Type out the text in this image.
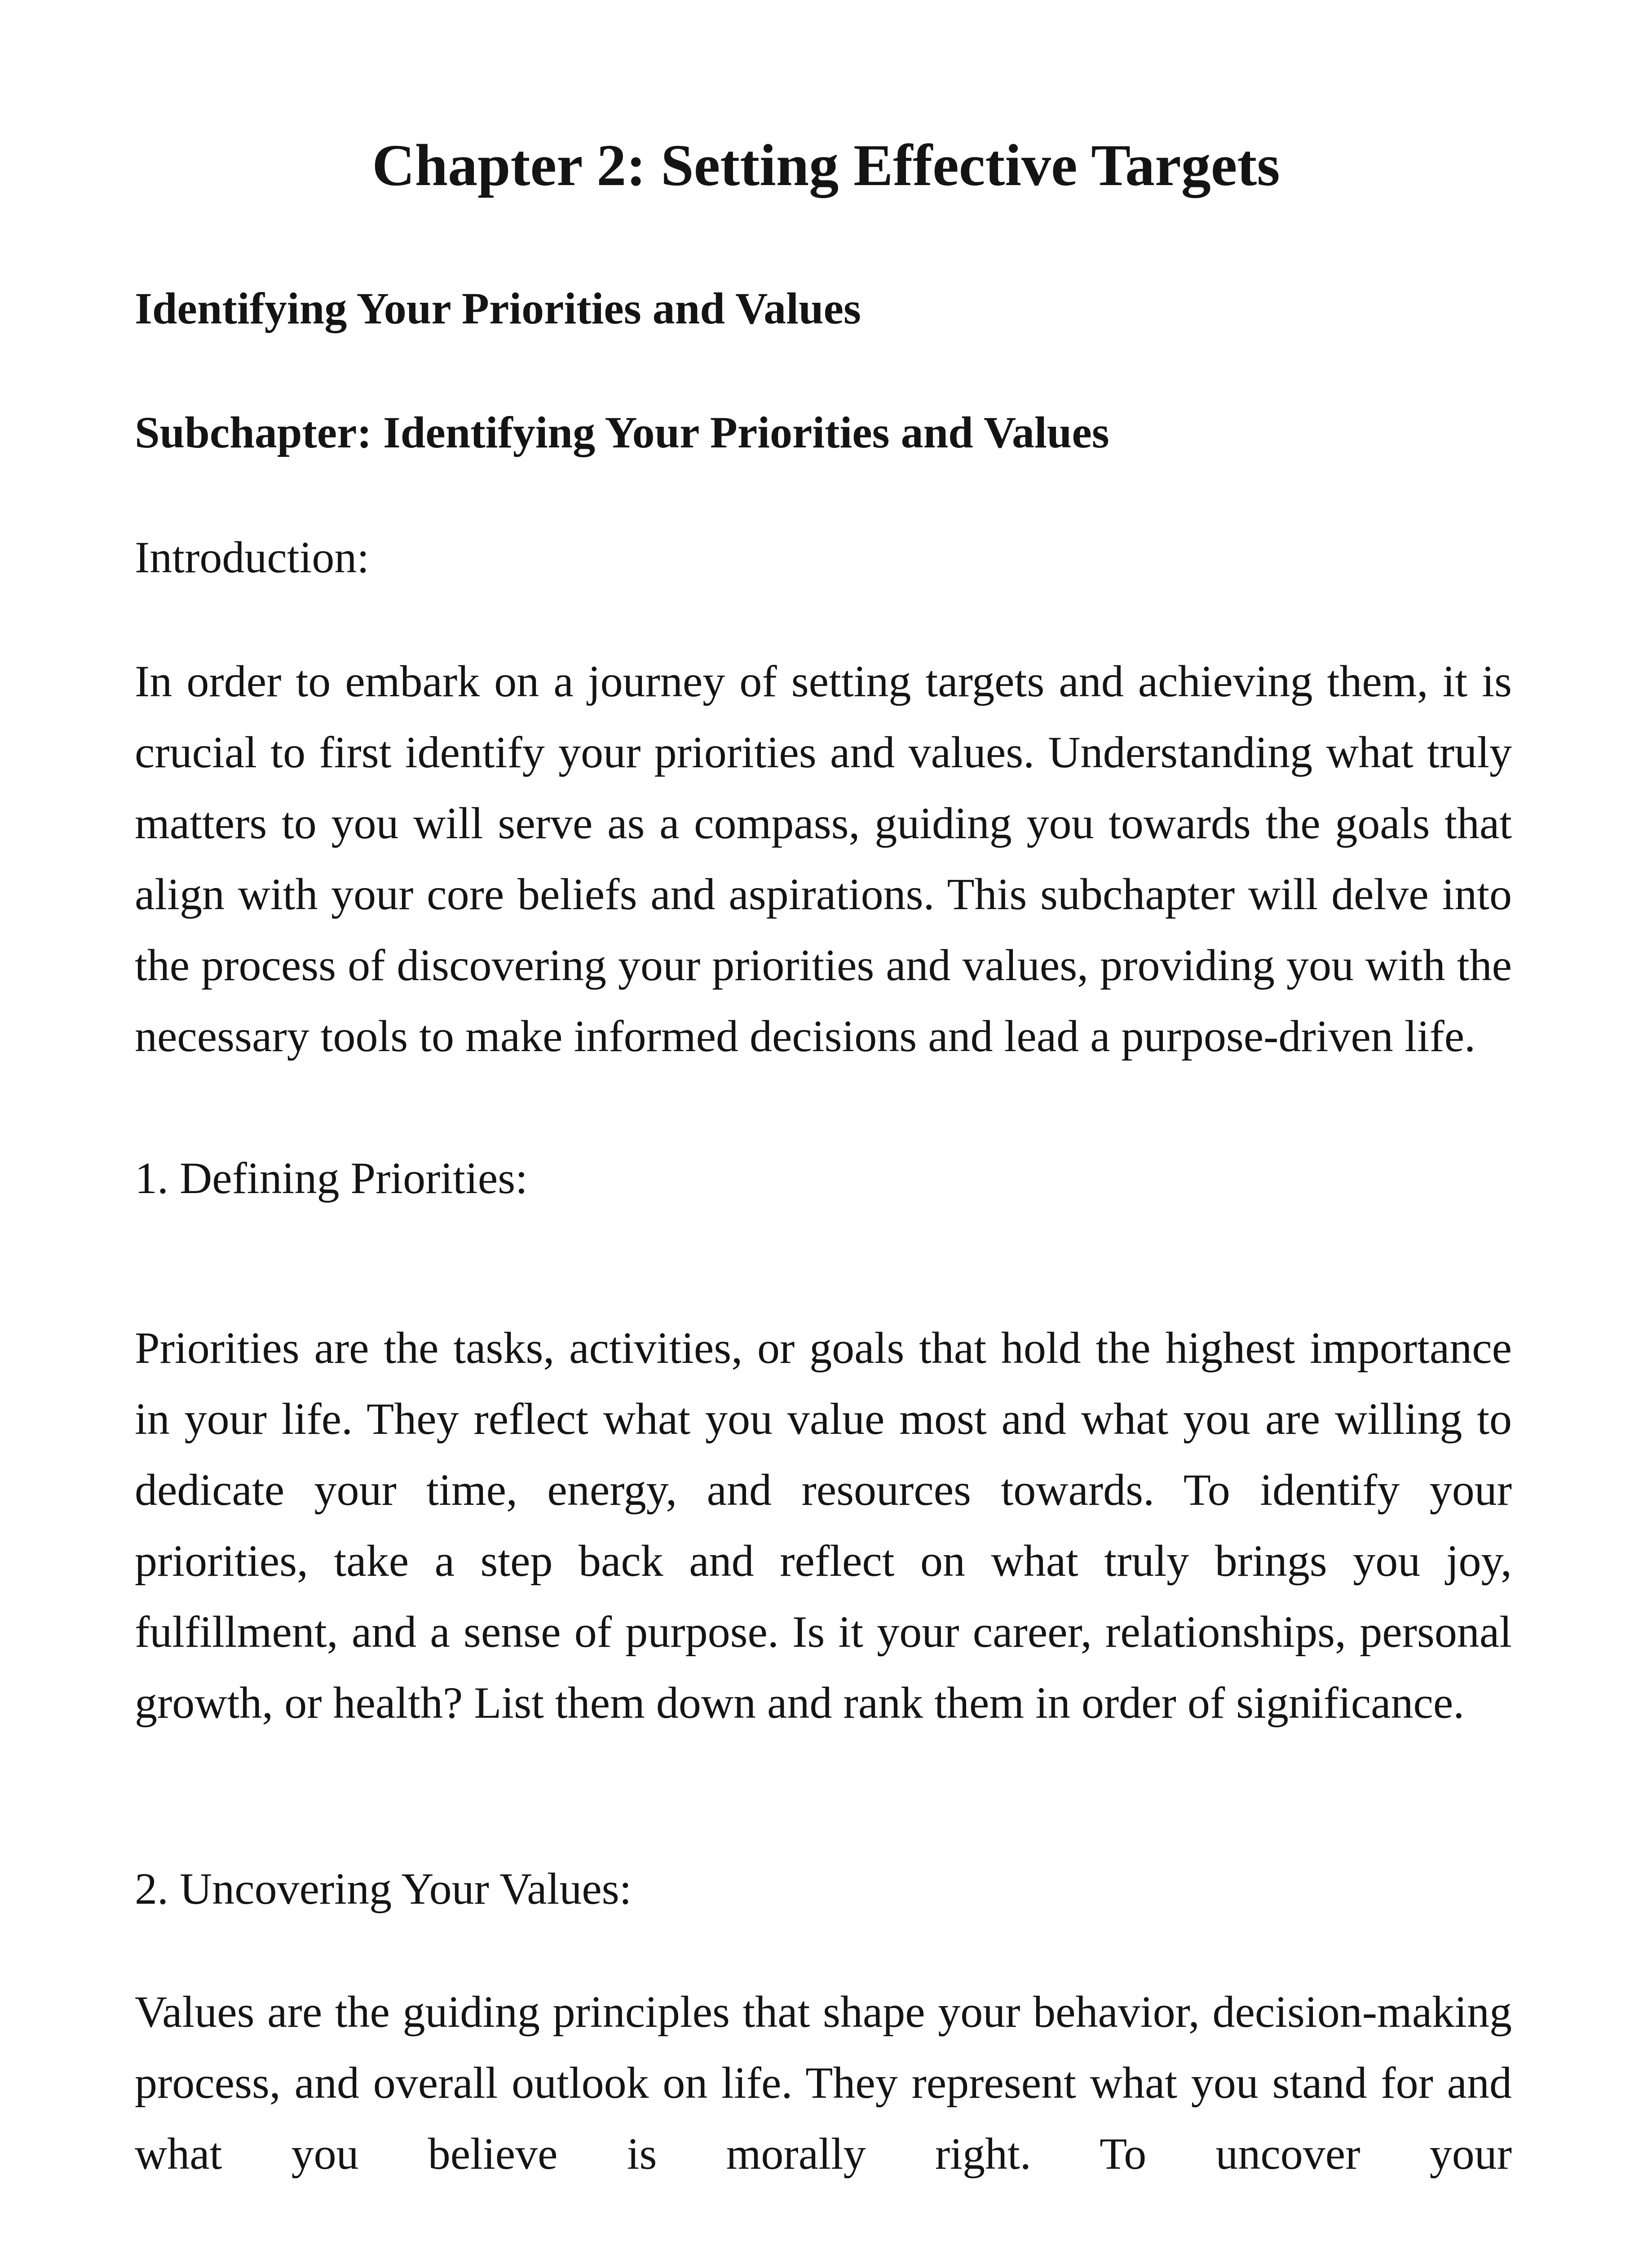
Chapter 2: Setting Effective Targets

Identifying Your Priorities and Values

Subchapter: Identifying Your Priorities and Values

Introduction:

In order to embark on a journey of setting targets and achieving them, it is crucial to first identify your priorities and values. Understanding what truly matters to you will serve as a compass, guiding you towards the goals that align with your core beliefs and aspirations. This subchapter will delve into the process of discovering your priorities and values, providing you with the necessary tools to make informed decisions and lead a purpose-driven life.

1. Defining Priorities:

Priorities are the tasks, activities, or goals that hold the highest importance in your life. They reflect what you value most and what you are willing to dedicate your time, energy, and resources towards. To identify your priorities, take a step back and reflect on what truly brings you joy, fulfillment, and a sense of purpose. Is it your career, relationships, personal growth, or health? List them down and rank them in order of significance.

2. Uncovering Your Values:

Values are the guiding principles that shape your behavior, decision-making process, and overall outlook on life. They represent what you stand for and what you believe is morally right. To uncover your
